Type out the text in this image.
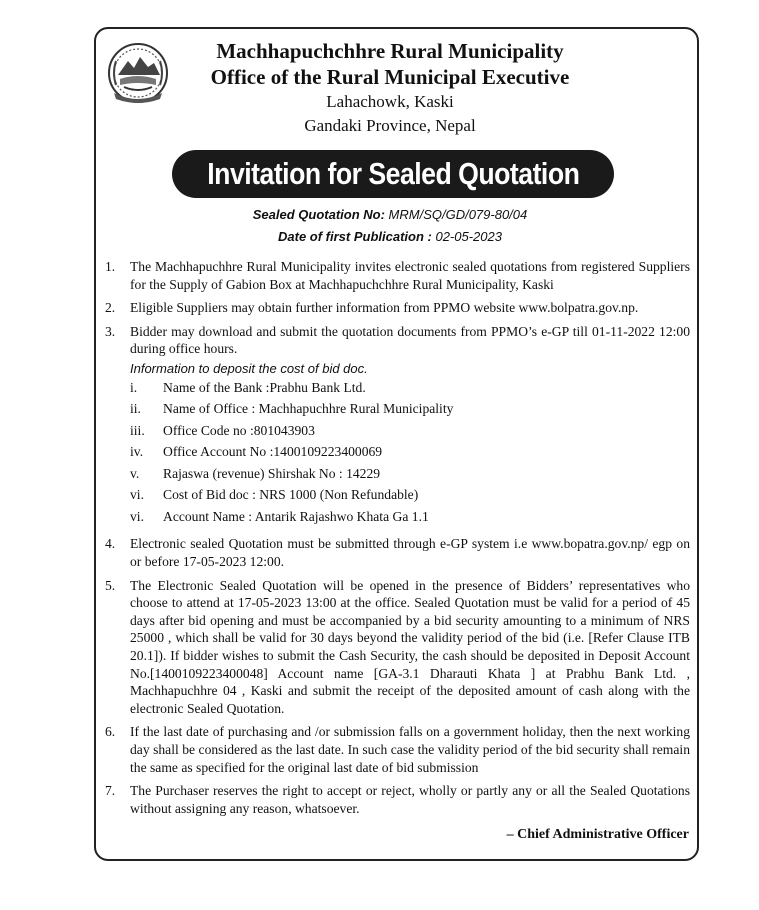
Machhapuchchhre Rural Municipality
Office of the Rural Municipal Executive
Lahachowk, Kaski
Gandaki Province, Nepal
Invitation for Sealed Quotation
Sealed Quotation No: MRM/SQ/GD/079-80/04
Date of first Publication : 02-05-2023
1.	The Machhapuchhre Rural Municipality invites electronic sealed quotations from registered Suppliers for the Supply of Gabion Box at Machhapuchchhre Rural Municipality, Kaski
2.	Eligible Suppliers may obtain further information from PPMO website www.bolpatra.gov.np.
3.	Bidder may download and submit the quotation documents from PPMO’s e-GP till 01-11-2022 12:00 during office hours.
Information to deposit the cost of bid doc.
i.	Name of the Bank :Prabhu Bank Ltd.
ii.	Name of Office : Machhapuchhre Rural Municipality
iii.	Office Code no :801043903
iv.	Office Account No :1400109223400069
v.	Rajaswa (revenue) Shirshak No : 14229
vi.	Cost of Bid doc : NRS 1000 (Non Refundable)
vi.	Account Name : Antarik Rajashwo Khata Ga 1.1
4.	Electronic sealed Quotation must be submitted through e-GP system i.e www.bopatra.gov.np/ egp on or before 17-05-2023 12:00.
5.	The Electronic Sealed Quotation will be opened in the presence of Bidders’ representatives who choose to attend at 17-05-2023 13:00 at the office. Sealed Quotation must be valid for a period of 45 days after bid opening and must be accompanied by a bid security amounting to a minimum of NRS 25000 , which shall be valid for 30 days beyond the validity period of the bid (i.e. [Refer Clause ITB 20.1]). If bidder wishes to submit the Cash Security, the cash should be deposited in Deposit Account No.[1400109223400048] Account name [GA-3.1 Dharauti Khata ] at Prabhu Bank Ltd. , Machhapuchhre 04 , Kaski and submit the receipt of the deposited amount of cash along with the electronic Sealed Quotation.
6.	If the last date of purchasing and /or submission falls on a government holiday, then the next working day shall be considered as the last date. In such case the validity period of the bid security shall remain the same as specified for the original last date of bid submission
7.	The Purchaser reserves the right to accept or reject, wholly or partly any or all the Sealed Quotations without assigning any reason, whatsoever.
– Chief Administrative Officer
